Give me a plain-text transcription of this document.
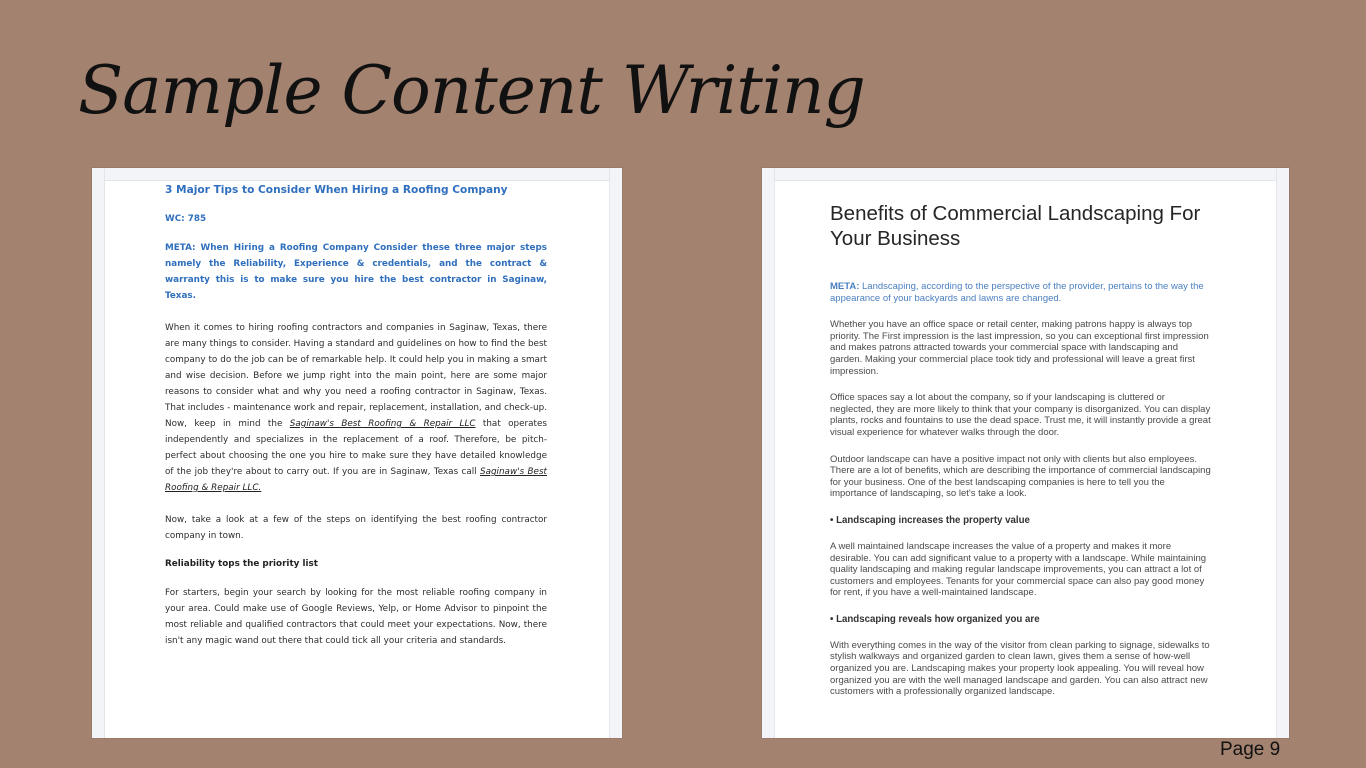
Sample Content Writing
3 Major Tips to Consider When Hiring a Roofing Company
WC: 785
META: When Hiring a Roofing Company Consider these three major steps namely the Reliability, Experience & credentials, and the contract & warranty this is to make sure you hire the best contractor in Saginaw, Texas.

When it comes to hiring roofing contractors and companies in Saginaw, Texas, there are many things to consider. Having a standard and guidelines on how to find the best company to do the job can be of remarkable help. It could help you in making a smart and wise decision. Before we jump right into the main point, here are some major reasons to consider what and why you need a roofing contractor in Saginaw, Texas. That includes - maintenance work and repair, replacement, installation, and check-up. Now, keep in mind the Saginaw's Best Roofing & Repair LLC that operates independently and specializes in the replacement of a roof. Therefore, be pitch-perfect about choosing the one you hire to make sure they have detailed knowledge of the job they're about to carry out. If you are in Saginaw, Texas call Saginaw's Best Roofing & Repair LLC.

Now, take a look at a few of the steps on identifying the best roofing contractor company in town.

Reliability tops the priority list

For starters, begin your search by looking for the most reliable roofing company in your area. Could make use of Google Reviews, Yelp, or Home Advisor to pinpoint the most reliable and qualified contractors that could meet your expectations. Now, there isn't any magic wand out there that could tick all your criteria and standards.

Benefits of Commercial Landscaping For Your Business
META: Landscaping, according to the perspective of the provider, pertains to the way the appearance of your backyards and lawns are changed.

Whether you have an office space or retail center, making patrons happy is always top priority. The First impression is the last impression, so you can exceptional first impression and makes patrons attracted towards your commercial space with landscaping and garden. Making your commercial place took tidy and professional will leave a great first impression.

Office spaces say a lot about the company, so if your landscaping is cluttered or neglected, they are more likely to think that your company is disorganized. You can display plants, rocks and fountains to use the dead space. Trust me, it will instantly provide a great visual experience for whatever walks through the door.

Outdoor landscape can have a positive impact not only with clients but also employees. There are a lot of benefits, which are describing the importance of commercial landscaping for your business. One of the best landscaping companies is here to tell you the importance of landscaping, so let's take a look.

• Landscaping increases the property value

A well maintained landscape increases the value of a property and makes it more desirable. You can add significant value to a property with a landscape. While maintaining quality landscaping and making regular landscape improvements, you can attract a lot of customers and employees. Tenants for your commercial space can also pay good money for rent, if you have a well-maintained landscape.

• Landscaping reveals how organized you are

With everything comes in the way of the visitor from clean parking to signage, sidewalks to stylish walkways and organized garden to clean lawn, gives them a sense of how-well organized you are. Landscaping makes your property look appealing. You will reveal how organized you are with the well managed landscape and garden. You can also attract new customers with a professionally organized landscape.

Page 9
